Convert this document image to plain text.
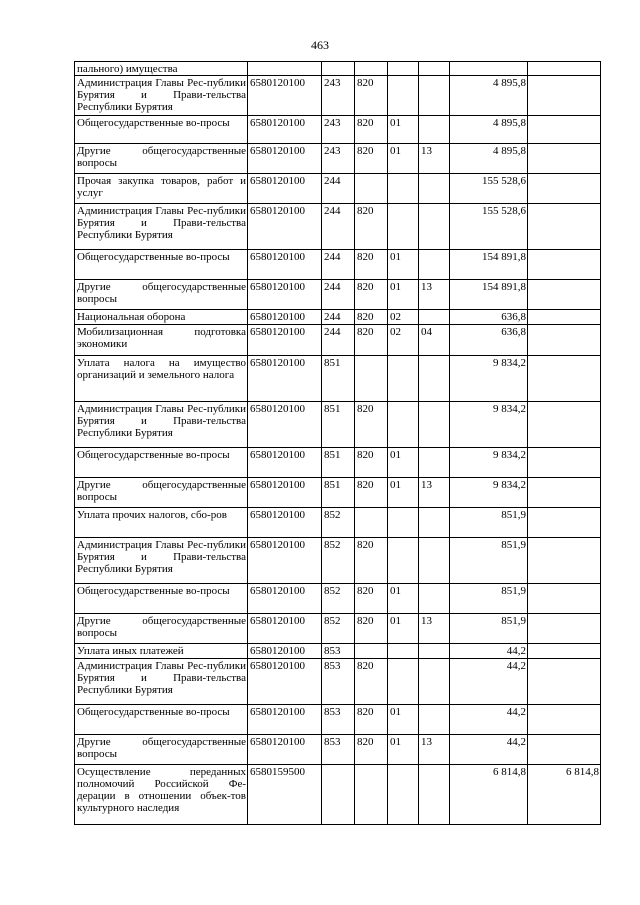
463
пального) имущества							
Администрация Главы Рес-публики Бурятия и Прави-тельства Республики Бурятия	6580120100	243	820			4 895,8	
Общегосударственные во-просы	6580120100	243	820	01		4 895,8	
Другие общегосударственные вопросы	6580120100	243	820	01	13	4 895,8	
Прочая закупка товаров, работ и услуг	6580120100	244				155 528,6	
Администрация Главы Рес-публики Бурятия и Прави-тельства Республики Бурятия	6580120100	244	820			155 528,6	
Общегосударственные во-просы	6580120100	244	820	01		154 891,8	
Другие общегосударственные вопросы	6580120100	244	820	01	13	154 891,8	
Национальная оборона	6580120100	244	820	02		636,8	
Мобилизационная подготовка экономики	6580120100	244	820	02	04	636,8	
Уплата налога на имущество организаций и земельного налога	6580120100	851				9 834,2	
Администрация Главы Рес-публики Бурятия и Прави-тельства Республики Бурятия	6580120100	851	820			9 834,2	
Общегосударственные во-просы	6580120100	851	820	01		9 834,2	
Другие общегосударственные вопросы	6580120100	851	820	01	13	9 834,2	
Уплата прочих налогов, сбо-ров	6580120100	852				851,9	
Администрация Главы Рес-публики Бурятия и Прави-тельства Республики Бурятия	6580120100	852	820			851,9	
Общегосударственные во-просы	6580120100	852	820	01		851,9	
Другие общегосударственные вопросы	6580120100	852	820	01	13	851,9	
Уплата иных платежей	6580120100	853				44,2	
Администрация Главы Рес-публики Бурятия и Прави-тельства Республики Бурятия	6580120100	853	820			44,2	
Общегосударственные во-просы	6580120100	853	820	01		44,2	
Другие общегосударственные вопросы	6580120100	853	820	01	13	44,2	
Осуществление переданных полномочий Российской Фе-дерации в отношении объек-тов культурного наследия	6580159500					6 814,8	6 814,8
